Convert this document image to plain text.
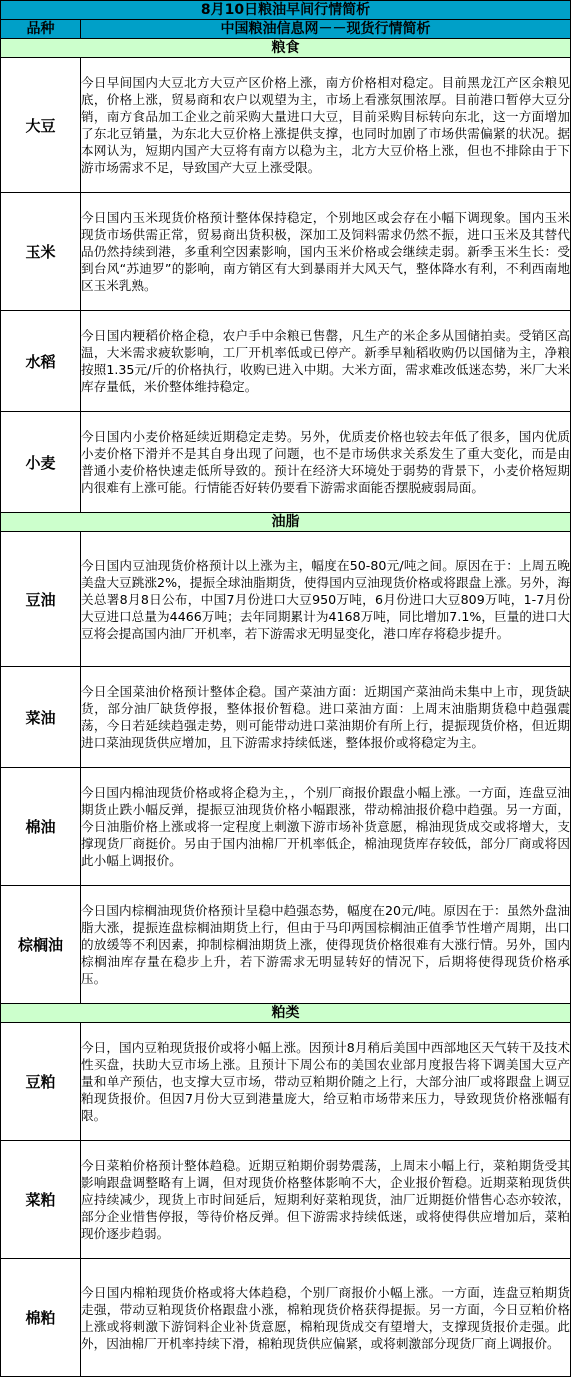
8月10日粮油早间行情简析	
品种	中国粮油信息网－－现货行情简析
粮食	
大豆	今日早间国内大豆北方大豆产区价格上涨，南方价格相对稳定。目前黑龙江产区余粮见底，价格上涨，贸易商和农户以观望为主，市场上看涨氛围浓厚。目前港口暂停大豆分销，南方食品加工企业之前采购大量进口大豆，目前采购目标转向东北，这一方面增加了东北豆销量，为东北大豆价格上涨提供支撑，也同时加剧了市场供需偏紧的状况。据本网认为，短期内国产大豆将有南方以稳为主，北方大豆价格上涨，但也不排除由于下游市场需求不足，导致国产大豆上涨受限。
玉米	今日国内玉米现货价格预计整体保持稳定，个别地区或会存在小幅下调现象。国内玉米现货市场供需正常，贸易商出货积极，深加工及饲料需求仍然不振，进口玉米及其替代品仍然持续到港，多重利空因素影响，国内玉米价格或会继续走弱。新季玉米生长：受到台风“苏迪罗”的影响，南方销区有大到暴雨并大风天气，整体降水有利，不利西南地区玉米乳熟。
水稻	今日国内粳稻价格企稳，农户手中余粮已售罄，凡生产的米企多从国储拍卖。受销区高温，大米需求疲软影响，工厂开机率低或已停产。新季早籼稻收购仍以国储为主，净粮按照1.35元/斤的价格执行，收购已进入中期。大米方面，需求难改低迷态势，米厂大米库存量低，米价整体维持稳定。
小麦	今日国内小麦价格延续近期稳定走势。另外，优质麦价格也较去年低了很多，国内优质小麦价格下滑并不是其自身出现了问题，也不是市场供求关系发生了重大变化，而是由普通小麦价格快速走低所导致的。预计在经济大环境处于弱势的背景下，小麦价格短期内很难有上涨可能。行情能否好转仍要看下游需求面能否摆脱疲弱局面。
油脂	
豆油	今日国内豆油现货价格预计以上涨为主，幅度在50-80元/吨之间。原因在于：上周五晚美盘大豆跳涨2%，提振全球油脂期货，使得国内豆油现货价格或将跟盘上涨。另外，海关总署8月8日公布，中国7月份进口大豆950万吨，6月份进口大豆809万吨，1-7月份大豆进口总量为4466万吨；去年同期累计为4168万吨，同比增加7.1%，巨量的进口大豆将会提高国内油厂开机率，若下游需求无明显变化，港口库存将稳步提升。
菜油	今日全国菜油价格预计整体企稳。国产菜油方面：近期国产菜油尚未集中上市，现货缺货，部分油厂缺货停报，整体报价暂稳。进口菜油方面：上周末油脂期货稳中趋强震荡，今日若延续趋强走势，则可能带动进口菜油期价有所上行，提振现货价格，但近期进口菜油现货供应增加，且下游需求持续低迷，整体报价或将稳定为主。
棉油	今日国内棉油现货价格或将企稳为主，，个别厂商报价跟盘小幅上涨。一方面，连盘豆油期货止跌小幅反弹，提振豆油现货价格小幅跟涨，带动棉油报价稳中趋强。另一方面，今日油脂价格上涨或将一定程度上刺激下游市场补货意愿，棉油现货成交或将增大，支撑现货厂商挺价。另由于国内油棉厂开机率低企，棉油现货库存较低，部分厂商或将因此小幅上调报价。
棕榈油	今日国内棕榈油现货价格预计呈稳中趋强态势，幅度在20元/吨。原因在于：虽然外盘油脂大涨，提振连盘棕榈油期货上行，但由于马印两国棕榈油正值季节性增产周期，出口的放缓等不利因素，抑制棕榈油期货上涨，使得现货价格很难有大涨行情。另外，国内棕榈油库存量在稳步上升，若下游需求无明显转好的情况下，后期将使得现货价格承压。
粕类	
豆粕	今日，国内豆粕现货报价或将小幅上涨。因预计8月稍后美国中西部地区天气转干及技术性买盘，扶助大豆市场上涨。且预计下周公布的美国农业部月度报告将下调美国大豆产量和单产预估，也支撑大豆市场，带动豆粕期价随之上行，大部分油厂或将跟盘上调豆粕现货报价。但因7月份大豆到港量庞大，给豆粕市场带来压力，导致现货价格涨幅有限。
菜粕	今日菜粕价格预计整体趋稳。近期豆粕期价弱势震荡，上周末小幅上行，菜粕期货受其影响跟盘调整略有上调，但对现货价格整体影响不大，企业报价暂稳。近期菜粕现货供应持续减少，现货上市时间延后，短期利好菜粕现货，油厂近期挺价惜售心态亦较浓，部分企业惜售停报，等待价格反弹。但下游需求持续低迷，或将使得供应增加后，菜粕现价逐步趋弱。
棉粕	今日国内棉粕现货价格或将大体趋稳，个别厂商报价小幅上涨。一方面，连盘豆粕期货走强，带动豆粕现货价格跟盘小涨，棉粕现货价格获得提振。另一方面，今日豆粕价格上涨或将刺激下游饲料企业补货意愿，棉粕现货成交有望增大，支撑现货报价走强。此外，因油棉厂开机率持续下滑，棉粕现货供应偏紧，或将刺激部分现货厂商上调报价。
